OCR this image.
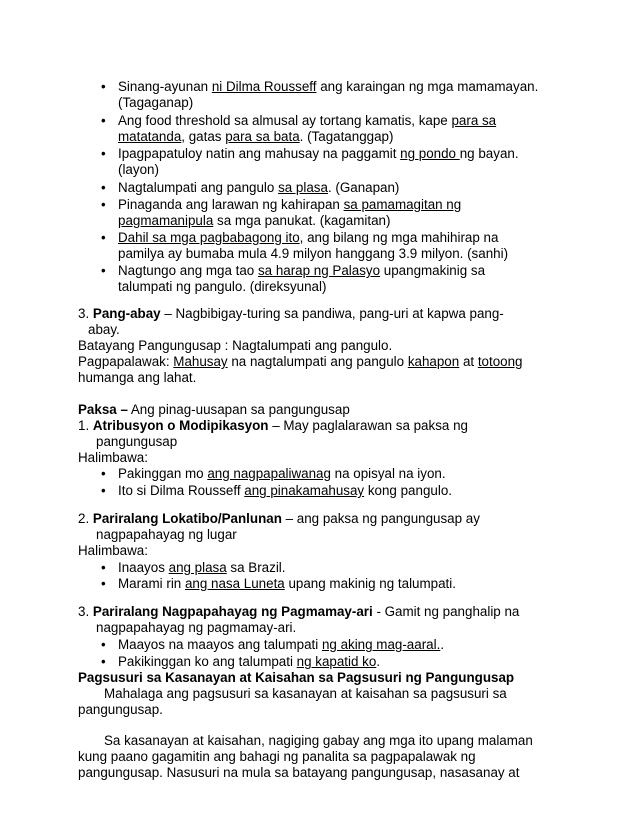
• Sinang-ayunan ni Dilma Rousseff ang karaingan ng mga mamamayan.
(Tagaganap)
• Ang food threshold sa almusal ay tortang kamatis, kape para sa
matatanda, gatas para sa bata. (Tagatanggap)
• Ipagpapatuloy natin ang mahusay na paggamit ng pondo ng bayan.
(layon)
• Nagtalumpati ang pangulo sa plasa. (Ganapan)
• Pinaganda ang larawan ng kahirapan sa pamamagitan ng
pagmamanipula sa mga panukat. (kagamitan)
• Dahil sa mga pagbabagong ito, ang bilang ng mga mahihirap na
pamilya ay bumaba mula 4.9 milyon hanggang 3.9 milyon. (sanhi)
• Nagtungo ang mga tao sa harap ng Palasyo upangmakinig sa
talumpati ng pangulo. (direksyunal)
3. Pang-abay – Nagbibigay-turing sa pandiwa, pang-uri at kapwa pang-
abay.
Batayang Pangungusap : Nagtalumpati ang pangulo.
Pagpapalawak: Mahusay na nagtalumpati ang pangulo kahapon at totoong
humanga ang lahat.
Paksa – Ang pinag-uusapan sa pangungusap
1. Atribusyon o Modipikasyon – May paglalarawan sa paksa ng
pangungusap
Halimbawa:
• Pakinggan mo ang nagpapaliwanag na opisyal na iyon.
• Ito si Dilma Rousseff ang pinakamahusay kong pangulo.
2. Pariralang Lokatibo/Panlunan – ang paksa ng pangungusap ay
nagpapahayag ng lugar
Halimbawa:
• Inaayos ang plasa sa Brazil.
• Marami rin ang nasa Luneta upang makinig ng talumpati.
3. Pariralang Nagpapahayag ng Pagmamay-ari - Gamit ng panghalip na
nagpapahayag ng pagmamay-ari.
• Maayos na maayos ang talumpati ng aking mag-aaral..
• Pakikinggan ko ang talumpati ng kapatid ko.
Pagsusuri sa Kasanayan at Kaisahan sa Pagsusuri ng Pangungusap
Mahalaga ang pagsusuri sa kasanayan at kaisahan sa pagsusuri sa
pangungusap.
Sa kasanayan at kaisahan, nagiging gabay ang mga ito upang malaman
kung paano gagamitin ang bahagi ng panalita sa pagpapalawak ng
pangungusap. Nasusuri na mula sa batayang pangungusap, nasasanay at
